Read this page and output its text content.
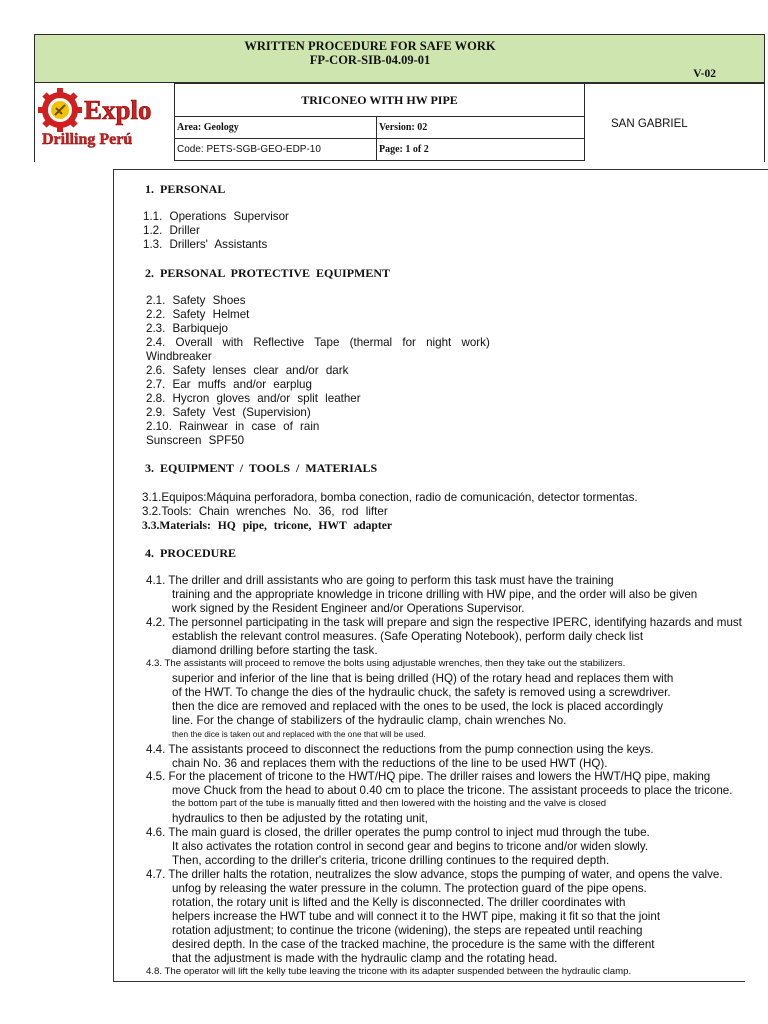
WRITTEN PROCEDURE FOR SAFE WORK
FP-COR-SIB-04.09-01
V-02
Explo
Drilling Perú
TRICONEO WITH HW PIPE	
Area: Geology	Version: 02
Code: PETS-SGB-GEO-EDP-10	Page: 1 of 2
SAN GABRIEL
1. PERSONAL
1.1. Operations Supervisor
1.2. Driller
1.3. Drillers' Assistants
2. PERSONAL PROTECTIVE EQUIPMENT
2.1. Safety Shoes
2.2. Safety Helmet
2.3. Barbiquejo
2.4. Overall with Reflective Tape (thermal for night work)
Windbreaker
2.6. Safety lenses clear and/or dark
2.7. Ear muffs and/or earplug
2.8. Hycron gloves and/or split leather
2.9. Safety Vest (Supervision)
2.10. Rainwear in case of rain
Sunscreen SPF50
3. EQUIPMENT / TOOLS / MATERIALS
3.1.Equipos:Máquina perforadora, bomba conection, radio de comunicación, detector tormentas.
3.2.Tools: Chain wrenches No. 36, rod lifter
3.3.Materials: HQ pipe, tricone, HWT adapter
4. PROCEDURE
4.1. The driller and drill assistants who are going to perform this task must have the training
training and the appropriate knowledge in tricone drilling with HW pipe, and the order will also be given
work signed by the Resident Engineer and/or Operations Supervisor.
4.2. The personnel participating in the task will prepare and sign the respective IPERC, identifying hazards and must
establish the relevant control measures. (Safe Operating Notebook), perform daily check list
diamond drilling before starting the task.
4.3. The assistants will proceed to remove the bolts using adjustable wrenches, then they take out the stabilizers.
superior and inferior of the line that is being drilled (HQ) of the rotary head and replaces them with
of the HWT. To change the dies of the hydraulic chuck, the safety is removed using a screwdriver.
then the dice are removed and replaced with the ones to be used, the lock is placed accordingly
line. For the change of stabilizers of the hydraulic clamp, chain wrenches No.
then the dice is taken out and replaced with the one that will be used.
4.4. The assistants proceed to disconnect the reductions from the pump connection using the keys.
chain No. 36 and replaces them with the reductions of the line to be used HWT (HQ).
4.5. For the placement of tricone to the HWT/HQ pipe. The driller raises and lowers the HWT/HQ pipe, making
move Chuck from the head to about 0.40 cm to place the tricone. The assistant proceeds to place the tricone.
the bottom part of the tube is manually fitted and then lowered with the hoisting and the valve is closed
hydraulics to then be adjusted by the rotating unit,
4.6. The main guard is closed, the driller operates the pump control to inject mud through the tube.
It also activates the rotation control in second gear and begins to tricone and/or widen slowly.
Then, according to the driller's criteria, tricone drilling continues to the required depth.
4.7. The driller halts the rotation, neutralizes the slow advance, stops the pumping of water, and opens the valve.
unfog by releasing the water pressure in the column. The protection guard of the pipe opens.
rotation, the rotary unit is lifted and the Kelly is disconnected. The driller coordinates with
helpers increase the HWT tube and will connect it to the HWT pipe, making it fit so that the joint
rotation adjustment; to continue the tricone (widening), the steps are repeated until reaching
desired depth. In the case of the tracked machine, the procedure is the same with the different
that the adjustment is made with the hydraulic clamp and the rotating head.
4.8. The operator will lift the kelly tube leaving the tricone with its adapter suspended between the hydraulic clamp.
